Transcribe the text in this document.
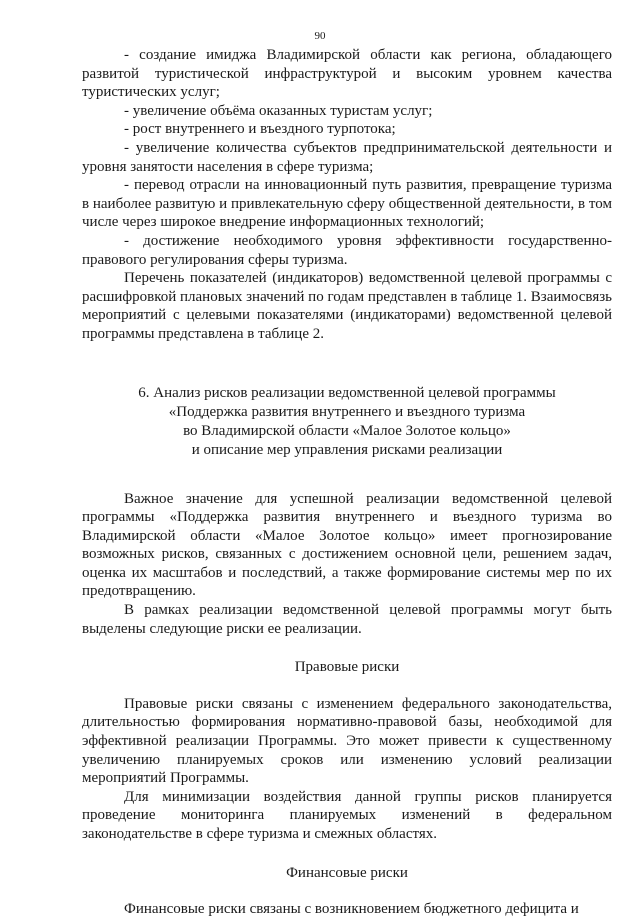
90

- создание имиджа Владимирской области как региона, обладающего развитой туристической инфраструктурой и высоким уровнем качества туристических услуг;

- увеличение объёма оказанных туристам услуг;

- рост внутреннего и въездного турпотока;

- увеличение количества субъектов предпринимательской деятельности и уровня занятости населения в сфере туризма;

- перевод отрасли на инновационный путь развития, превращение туризма в наиболее развитую и привлекательную сферу общественной деятельности, в том числе через широкое внедрение информационных технологий;

- достижение необходимого уровня эффективности государственно-правового регулирования сферы туризма.

Перечень показателей (индикаторов) ведомственной целевой программы с расшифровкой плановых значений по годам представлен в таблице 1. Взаимосвязь мероприятий с целевыми показателями (индикаторами) ведомственной целевой программы представлена в таблице 2.

6. Анализ рисков реализации ведомственной целевой программы
«Поддержка развития внутреннего и въездного туризма
во Владимирской области «Малое Золотое кольцо»
и описание мер управления рисками реализации

Важное значение для успешной реализации ведомственной целевой программы «Поддержка развития внутреннего и въездного туризма во Владимирской области «Малое Золотое кольцо» имеет прогнозирование возможных рисков, связанных с достижением основной цели, решением задач, оценка их масштабов и последствий, а также формирование системы мер по их предотвращению.

В рамках реализации ведомственной целевой программы могут быть выделены следующие риски ее реализации.

Правовые риски

Правовые риски связаны с изменением федерального законодательства, длительностью формирования нормативно-правовой базы, необходимой для эффективной реализации Программы. Это может привести к существенному увеличению планируемых сроков или изменению условий реализации мероприятий Программы.

Для минимизации воздействия данной группы рисков планируется проведение мониторинга планируемых изменений в федеральном законодательстве в сфере туризма и смежных областях.

Финансовые риски

Финансовые риски связаны с возникновением бюджетного дефицита и
